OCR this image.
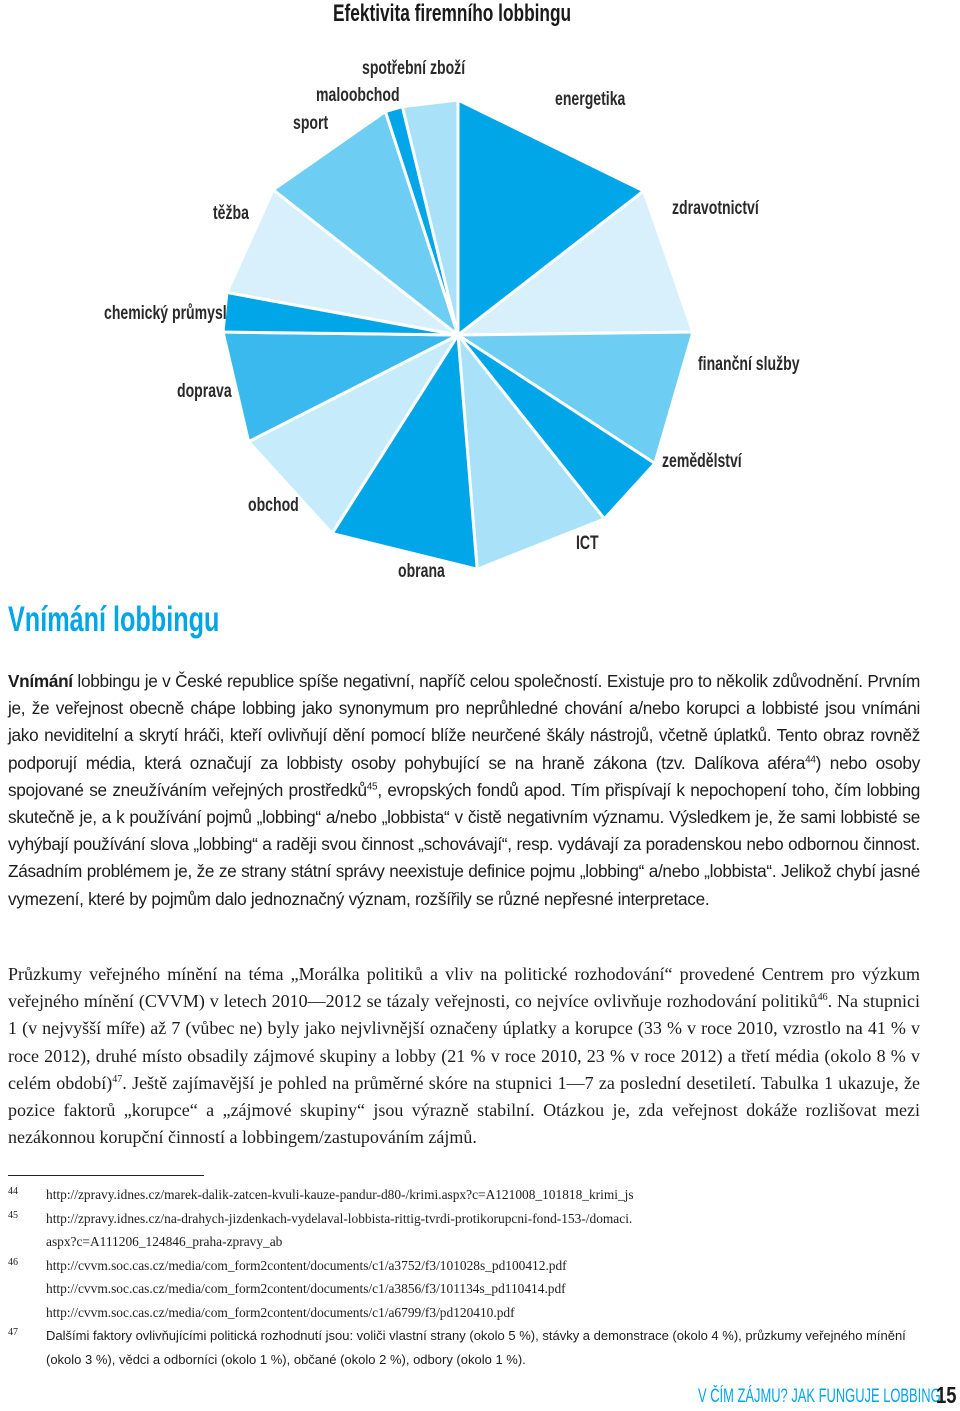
Efektivita firemního lobbingu
energetika
zdravotnictví
finanční služby
zemědělství
ICT
obrana
obchod
doprava
chemický průmysl
těžba
sport
maloobchod
spotřební zboží
Vnímání lobbingu
Vnímání lobbingu je v České republice spíše negativní, napříč celou společností. Existuje pro to několik zdůvodnění. Prvním je, že veřejnost obecně chápe lobbing jako synonymum pro neprůhledné chování a/nebo korupci a lobbisté jsou vnímáni jako neviditelní a skrytí hráči, kteří ovlivňují dění pomocí blíže neurčené škály nástrojů, včetně úplatků. Tento obraz rovněž podporují média, která označují za lobbisty osoby pohybující se na hraně zákona (tzv. Dalíkova aféra$^{44}$) nebo osoby spojované se zneužíváním veřejných prostředků$^{45}$, evropských fondů apod. Tím přispívají k nepochopení toho, čím lobbing skutečně je, a k používání pojmů „lobbing“ a/nebo „lobbista“ v čistě negativním významu. Výsledkem je, že sami lobbisté se vyhýbají používání slova „lobbing“ a raději svou činnost „schovávají“, resp. vydávají za poradenskou nebo odbornou činnost. Zásadním problémem je, že ze strany státní správy neexistuje definice pojmu „lobbing“ a/nebo „lobbista“. Jelikož chybí jasné vymezení, které by pojmům dalo jednoznačný význam, rozšířily se různé nepřesné interpretace.
Průzkumy veřejného mínění na téma „Morálka politiků a vliv na politické rozhodování“ provedené Centrem pro výzkum veřejného mínění (CVVM) v letech 2010—2012 se tázaly veřejnosti, co nejvíce ovlivňuje rozhodování politiků$^{46}$. Na stupnici 1 (v nejvyšší míře) až 7 (vůbec ne) byly jako nejvlivnější označeny úplatky a korupce (33 % v roce 2010, vzrostlo na 41 % v roce 2012), druhé místo obsadily zájmové skupiny a lobby (21 % v roce 2010, 23 % v roce 2012) a třetí média (okolo 8 % v celém období)$^{47}$. Ještě zajímavější je pohled na průměrné skóre na stupnici 1—7 za poslední desetiletí. Tabulka 1 ukazuje, že pozice faktorů „korupce“ a „zájmové skupiny“ jsou výrazně stabilní. Otázkou je, zda veřejnost dokáže rozlišovat mezi nezákonnou korupční činností a lobbingem/zastupováním zájmů.
44 http://zpravy.idnes.cz/marek-dalik-zatcen-kvuli-kauze-pandur-d80-/krimi.aspx?c=A121008_101818_krimi_js
45 http://zpravy.idnes.cz/na-drahych-jizdenkach-vydelaval-lobbista-rittig-tvrdi-protikorupcni-fond-153-/domaci.
aspx?c=A111206_124846_praha-zpravy_ab
46 http://cvvm.soc.cas.cz/media/com_form2content/documents/c1/a3752/f3/101028s_pd100412.pdf
http://cvvm.soc.cas.cz/media/com_form2content/documents/c1/a3856/f3/101134s_pd110414.pdf
http://cvvm.soc.cas.cz/media/com_form2content/documents/c1/a6799/f3/pd120410.pdf
47 Dalšími faktory ovlivňujícími politická rozhodnutí jsou: voliči vlastní strany (okolo 5 %), stávky a demonstrace (okolo 4 %), průzkumy veřejného mínění (okolo 3 %), vědci a odborníci (okolo 1 %), občané (okolo 2 %), odbory (okolo 1 %).
V ČÍM ZÁJMU? JAK FUNGUJE LOBBING
15
